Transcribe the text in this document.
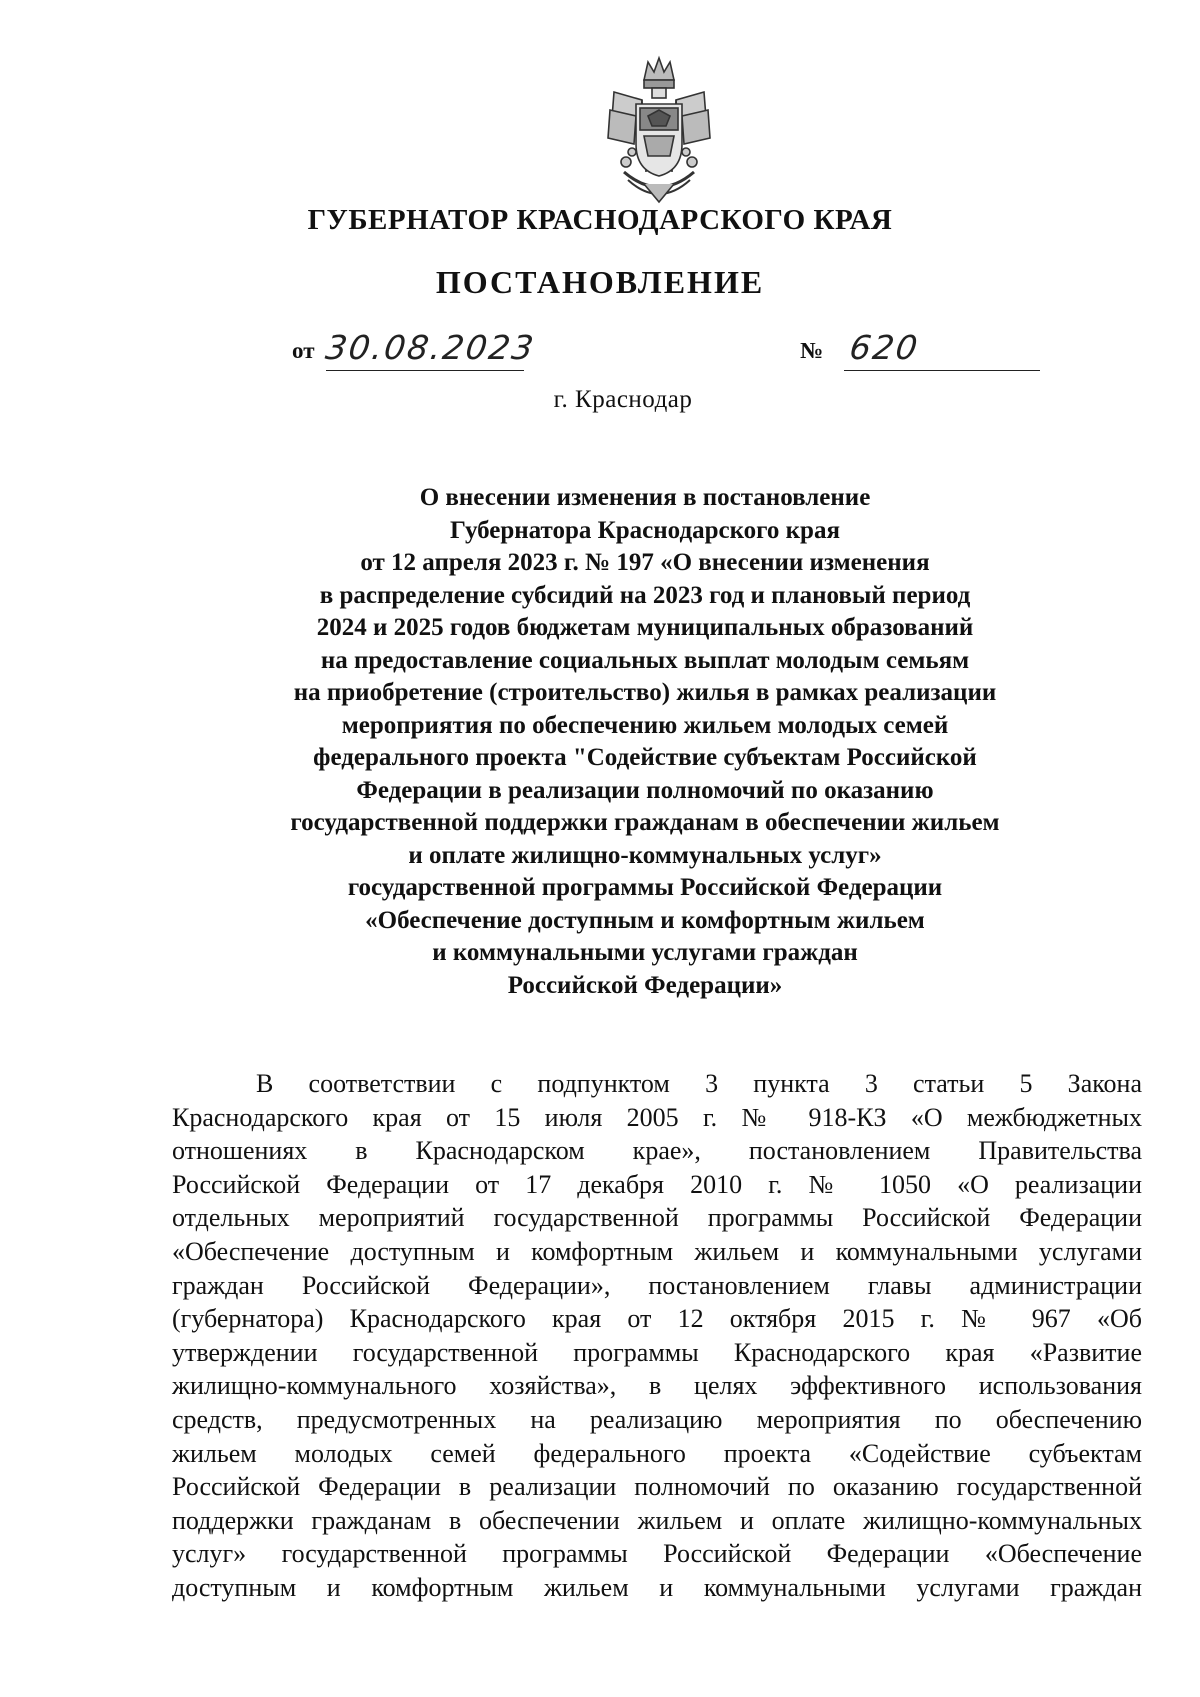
ГУБЕРНАТОР КРАСНОДАРСКОГО КРАЯ
ПОСТАНОВЛЕНИЕ
от 30.08.2023	№ 620
г. Краснодар
О внесении изменения в постановление
Губернатора Краснодарского края
от 12 апреля 2023 г. № 197 «О внесении изменения
в распределение субсидий на 2023 год и плановый период
2024 и 2025 годов бюджетам муниципальных образований
на предоставление социальных выплат молодым семьям
на приобретение (строительство) жилья в рамках реализации
мероприятия по обеспечению жильем молодых семей
федерального проекта "Содействие субъектам Российской
Федерации в реализации полномочий по оказанию
государственной поддержки гражданам в обеспечении жильем
и оплате жилищно-коммунальных услуг»
государственной программы Российской Федерации
«Обеспечение доступным и комфортным жильем
и коммунальными услугами граждан
Российской Федерации»
В соответствии с подпунктом 3 пункта 3 статьи 5 Закона
Краснодарского края от 15 июля 2005 г. № 918-КЗ «О межбюджетных
отношениях в Краснодарском крае», постановлением Правительства
Российской Федерации от 17 декабря 2010 г. № 1050 «О реализации
отдельных мероприятий государственной программы Российской Федерации
«Обеспечение доступным и комфортным жильем и коммунальными услугами
граждан Российской Федерации», постановлением главы администрации
(губернатора) Краснодарского края от 12 октября 2015 г. № 967 «Об
утверждении государственной программы Краснодарского края «Развитие
жилищно-коммунального хозяйства», в целях эффективного использования
средств, предусмотренных на реализацию мероприятия по обеспечению
жильем молодых семей федерального проекта «Содействие субъектам
Российской Федерации в реализации полномочий по оказанию государственной
поддержки гражданам в обеспечении жильем и оплате жилищно-коммунальных
услуг» государственной программы Российской Федерации «Обеспечение
доступным и комфортным жильем и коммунальными услугами граждан
